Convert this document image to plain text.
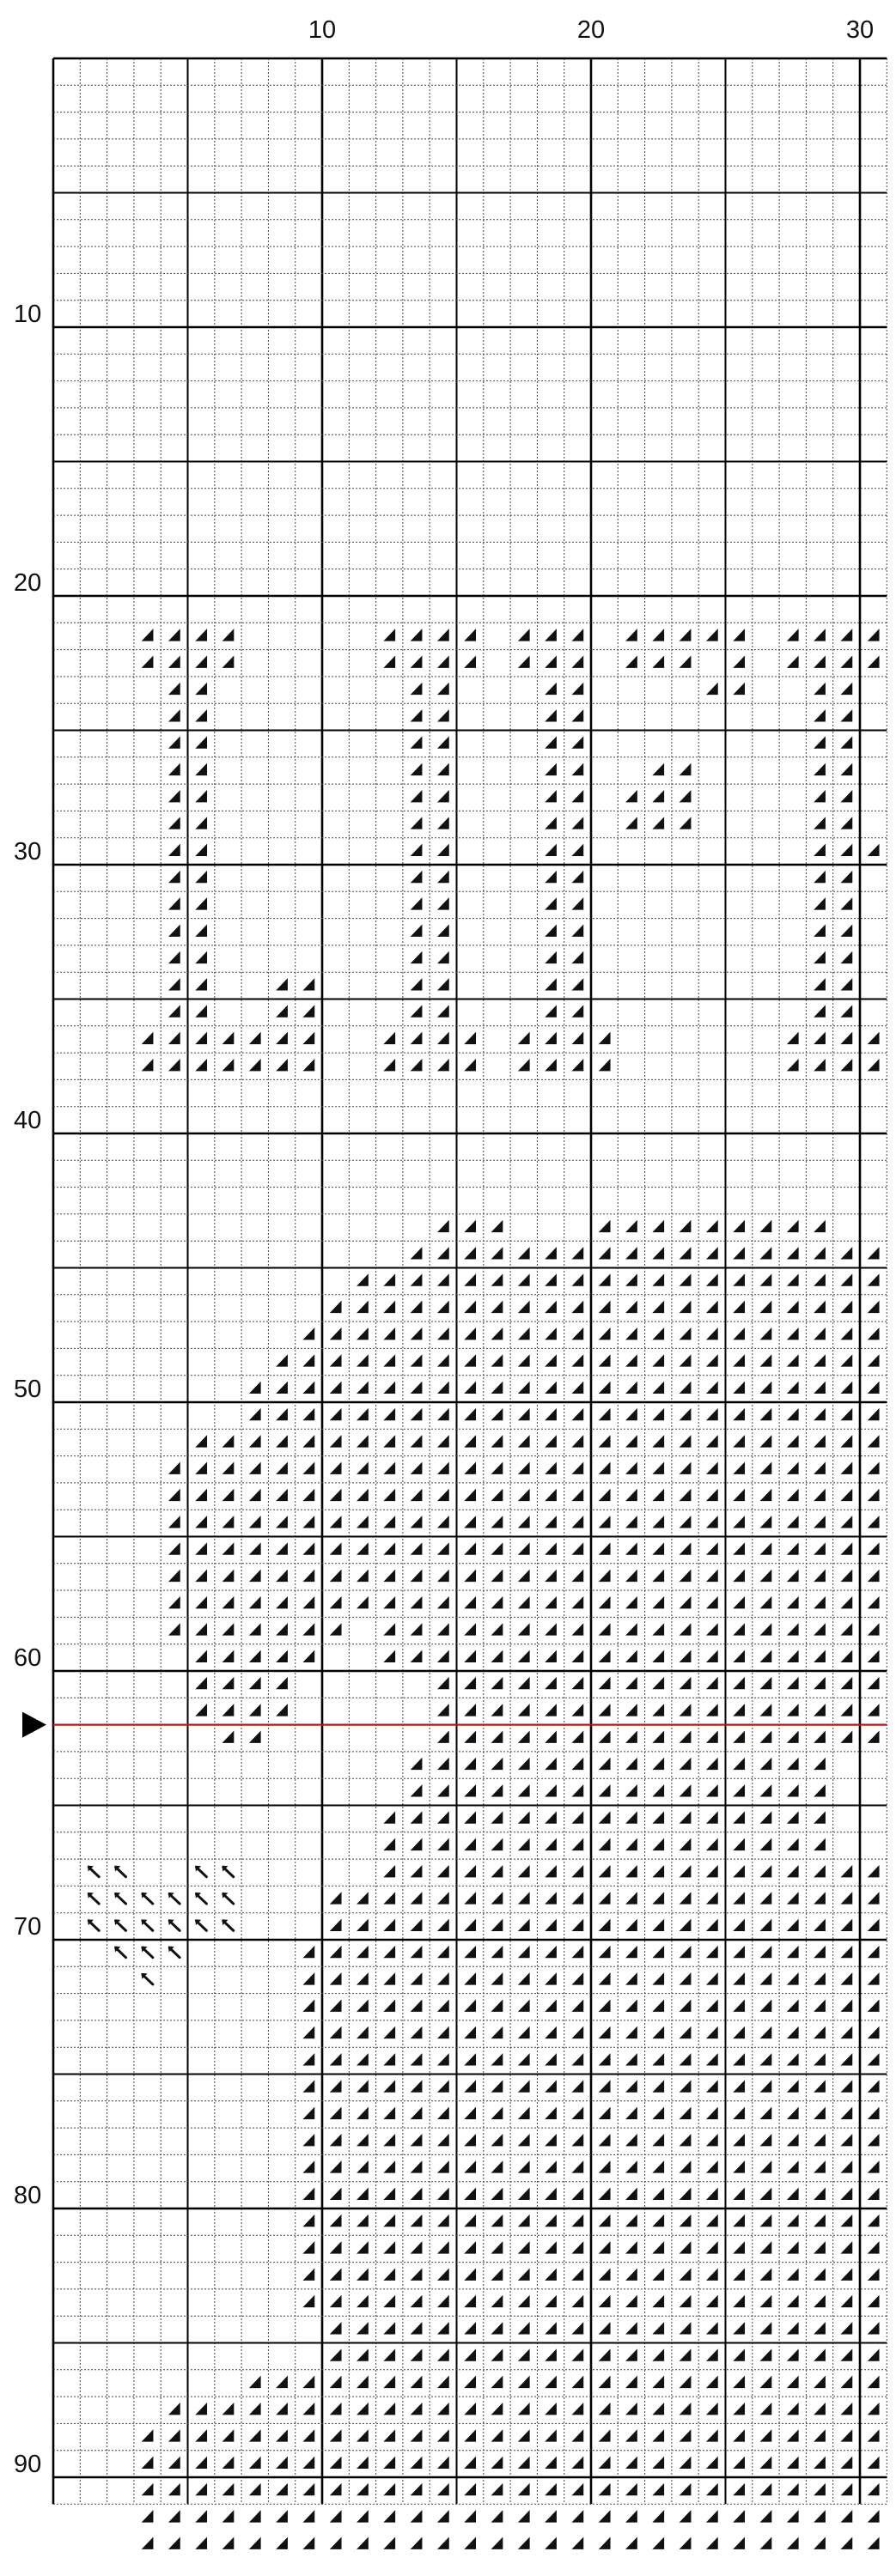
10	20	30
10
20
30
40
50
60
70
80
90
